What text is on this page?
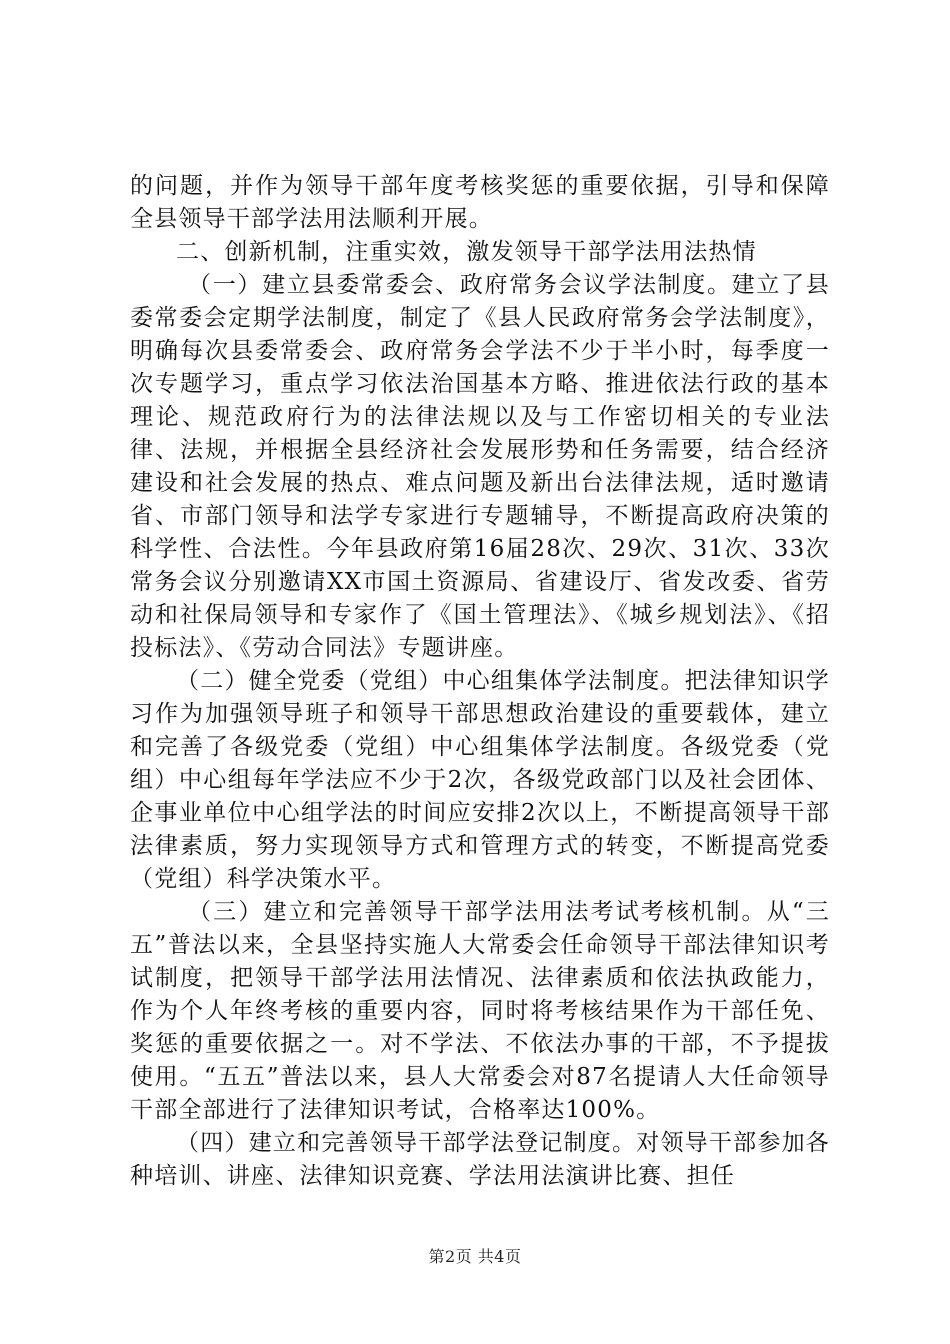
的问题，并作为领导干部年度考核奖惩的重要依据，引导和保障全县领导干部学法用法顺利开展。

二、创新机制，注重实效，激发领导干部学法用法热情

（一）建立县委常委会、政府常务会议学法制度。建立了县委常委会定期学法制度，制定了《县人民政府常务会学法制度》，明确每次县委常委会、政府常务会学法不少于半小时，每季度一次专题学习，重点学习依法治国基本方略、推进依法行政的基本理论、规范政府行为的法律法规以及与工作密切相关的专业法律、法规，并根据全县经济社会发展形势和任务需要，结合经济建设和社会发展的热点、难点问题及新出台法律法规，适时邀请省、市部门领导和法学专家进行专题辅导，不断提高政府决策的科学性、合法性。今年县政府第16届28次、29次、31次、33次常务会议分别邀请XX市国土资源局、省建设厅、省发改委、省劳动和社保局领导和专家作了《国土管理法》、《城乡规划法》、《招投标法》、《劳动合同法》专题讲座。

（二）健全党委（党组）中心组集体学法制度。把法律知识学习作为加强领导班子和领导干部思想政治建设的重要载体，建立和完善了各级党委（党组）中心组集体学法制度。各级党委（党组）中心组每年学法应不少于2次，各级党政部门以及社会团体、企事业单位中心组学法的时间应安排2次以上，不断提高领导干部法律素质，努力实现领导方式和管理方式的转变，不断提高党委（党组）科学决策水平。

（三）建立和完善领导干部学法用法考试考核机制。从“三五”普法以来，全县坚持实施人大常委会任命领导干部法律知识考试制度，把领导干部学法用法情况、法律素质和依法执政能力，作为个人年终考核的重要内容，同时将考核结果作为干部任免、奖惩的重要依据之一。对不学法、不依法办事的干部，不予提拔使用。“五五”普法以来，县人大常委会对87名提请人大任命领导干部全部进行了法律知识考试，合格率达100%。

（四）建立和完善领导干部学法登记制度。对领导干部参加各种培训、讲座、法律知识竞赛、学法用法演讲比赛、担任

第2页 共4页
